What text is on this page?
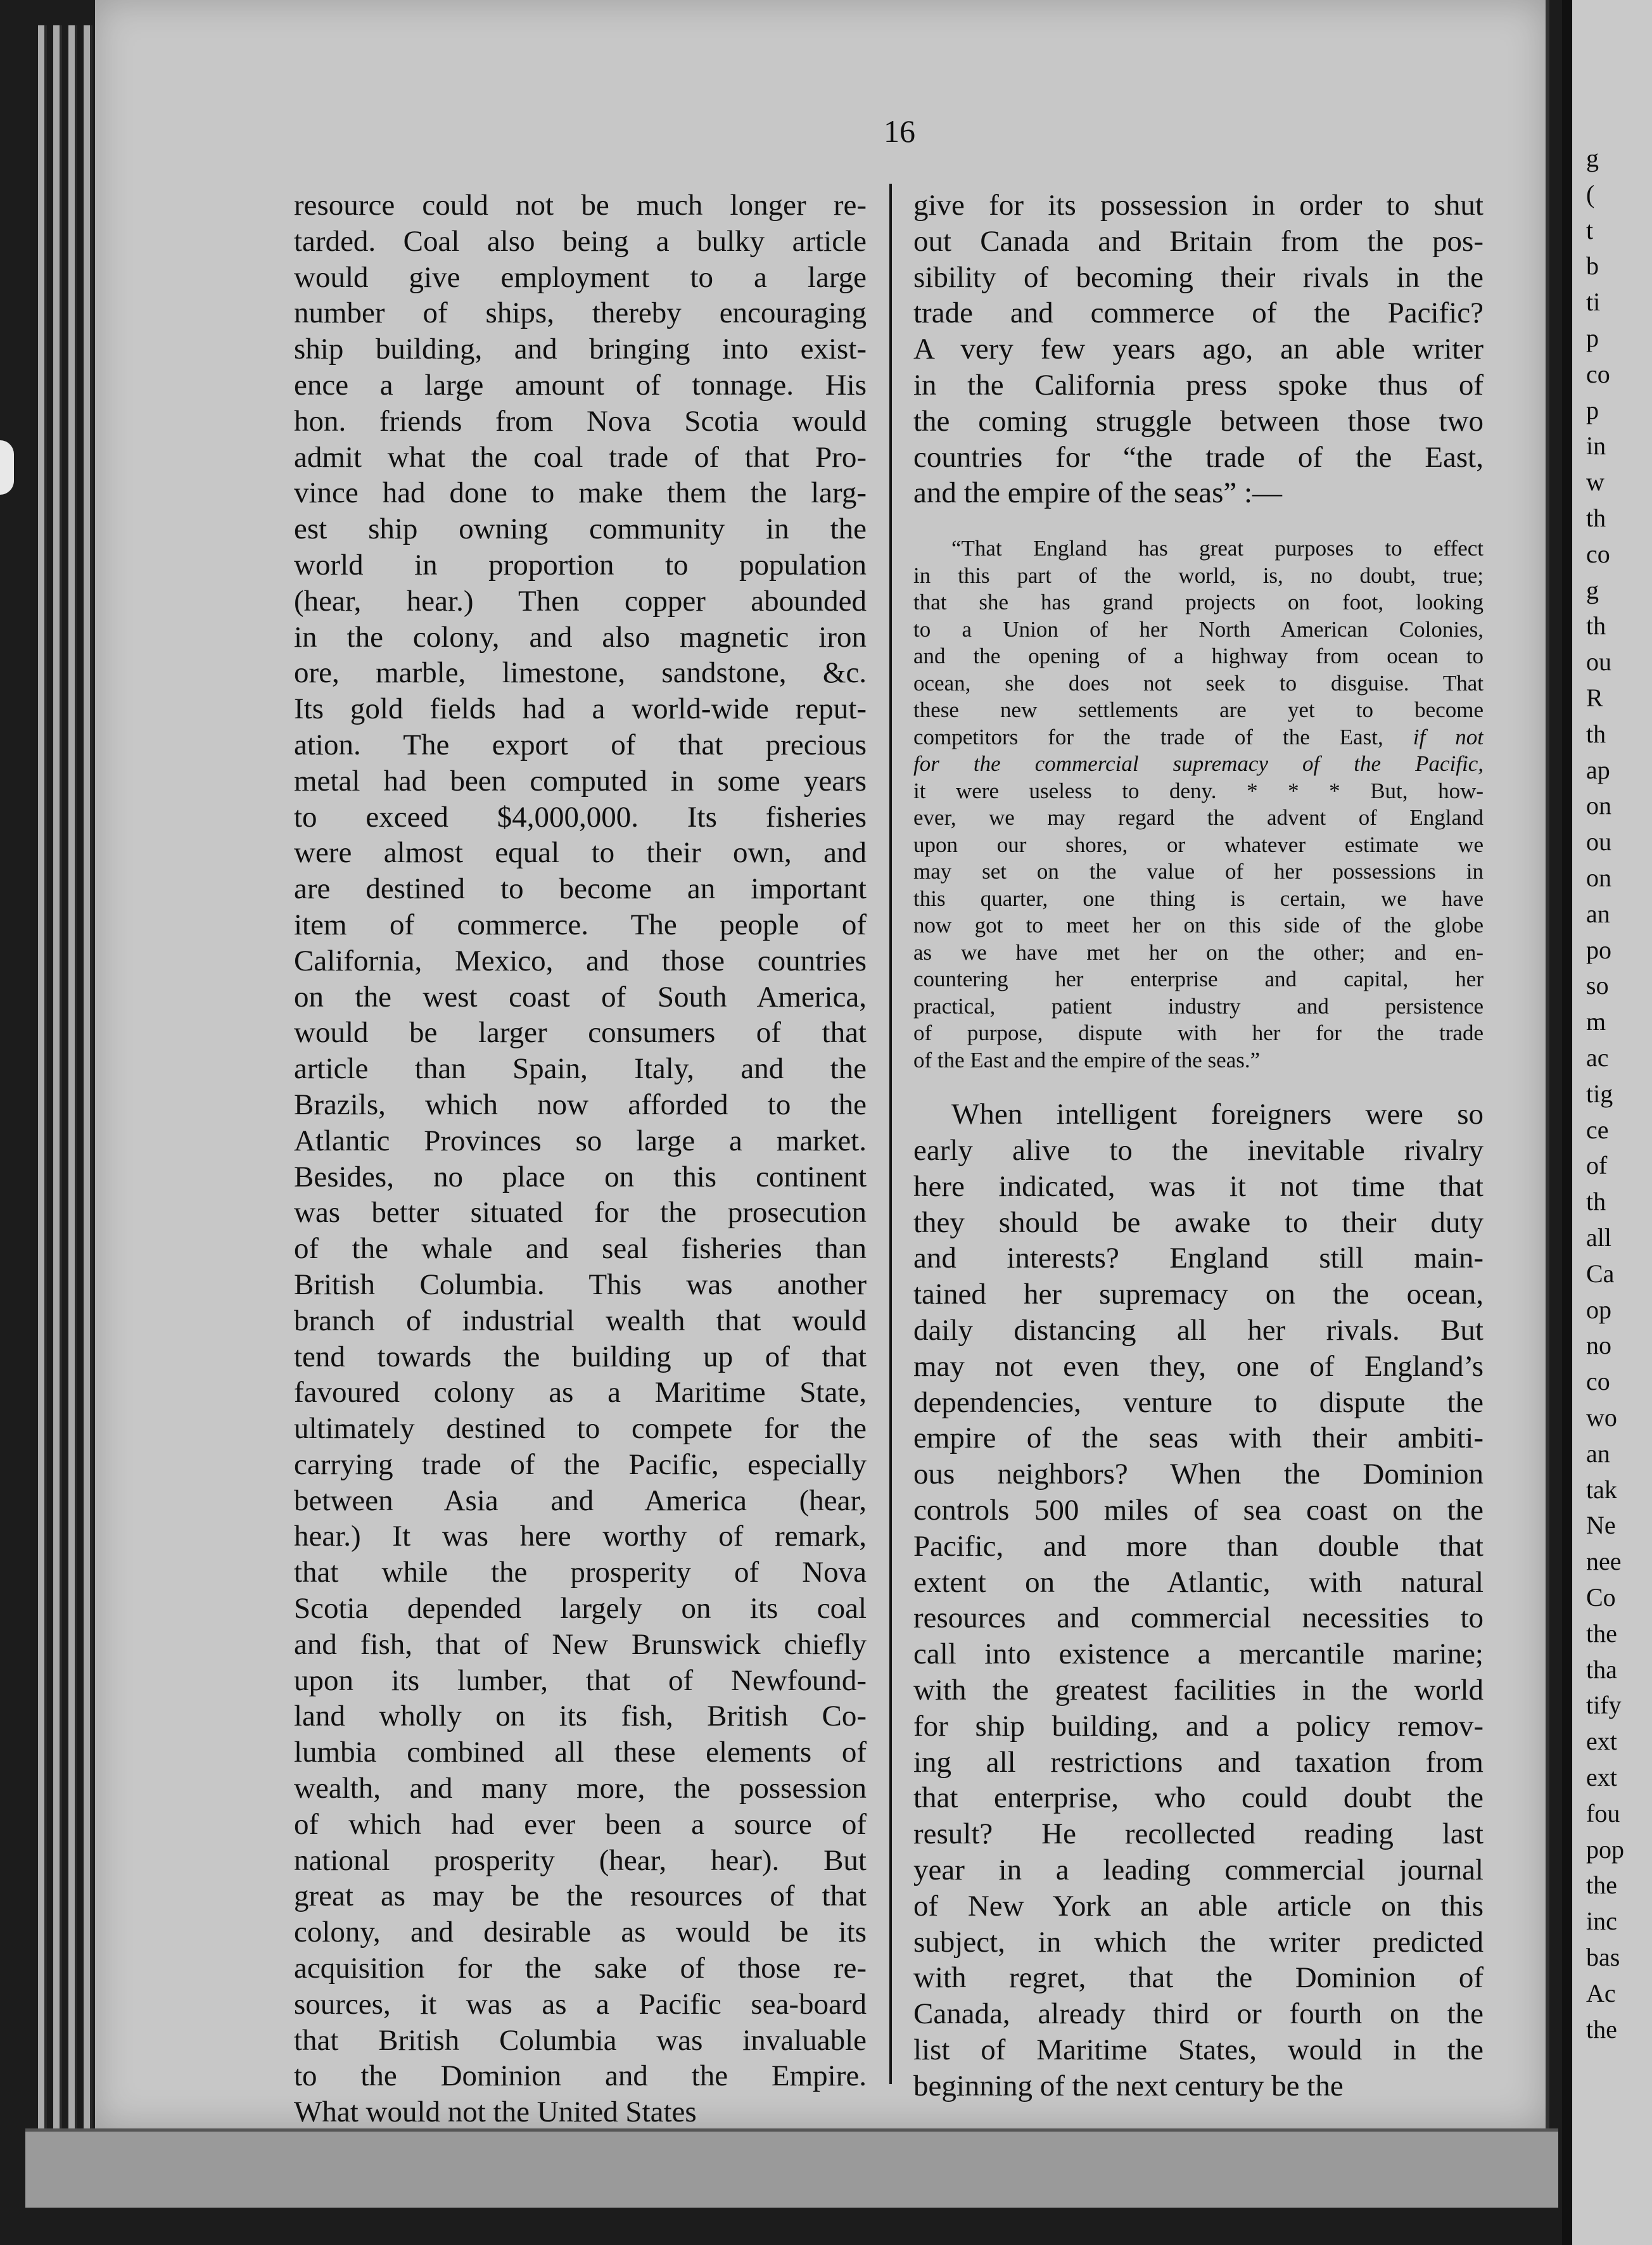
16
resource could not be much longer re-
tarded. Coal also being a bulky article
would give employment to a large
number of ships, thereby encouraging
ship building, and bringing into exist-
ence a large amount of tonnage. His
hon. friends from Nova Scotia would
admit what the coal trade of that Pro-
vince had done to make them the larg-
est ship owning community in the
world in proportion to population
(hear, hear.) Then copper abounded
in the colony, and also magnetic iron
ore, marble, limestone, sandstone, &c.
Its gold fields had a world-wide reput-
ation. The export of that precious
metal had been computed in some years
to exceed $4,000,000. Its fisheries
were almost equal to their own, and
are destined to become an important
item of commerce. The people of
California, Mexico, and those countries
on the west coast of South America,
would be larger consumers of that
article than Spain, Italy, and the
Brazils, which now afforded to the
Atlantic Provinces so large a market.
Besides, no place on this continent
was better situated for the prosecution
of the whale and seal fisheries than
British Columbia. This was another
branch of industrial wealth that would
tend towards the building up of that
favoured colony as a Maritime State,
ultimately destined to compete for the
carrying trade of the Pacific, especially
between Asia and America (hear,
hear.) It was here worthy of remark,
that while the prosperity of Nova
Scotia depended largely on its coal
and fish, that of New Brunswick chiefly
upon its lumber, that of Newfound-
land wholly on its fish, British Co-
lumbia combined all these elements of
wealth, and many more, the possession
of which had ever been a source of
national prosperity (hear, hear). But
great as may be the resources of that
colony, and desirable as would be its
acquisition for the sake of those re-
sources, it was as a Pacific sea-board
that British Columbia was invaluable
to the Dominion and the Empire.
What would not the United States
give for its possession in order to shut
out Canada and Britain from the pos-
sibility of becoming their rivals in the
trade and commerce of the Pacific?
A very few years ago, an able writer
in the California press spoke thus of
the coming struggle between those two
countries for “the trade of the East,
and the empire of the seas” :—
“That England has great purposes to effect
in this part of the world, is, no doubt, true;
that she has grand projects on foot, looking
to a Union of her North American Colonies,
and the opening of a highway from ocean to
ocean, she does not seek to disguise. That
these new settlements are yet to become
competitors for the trade of the East, if not
for the commercial supremacy of the Pacific,
it were useless to deny. * * * But, how-
ever, we may regard the advent of England
upon our shores, or whatever estimate we
may set on the value of her possessions in
this quarter, one thing is certain, we have
now got to meet her on this side of the globe
as we have met her on the other; and en-
countering her enterprise and capital, her
practical, patient industry and persistence
of purpose, dispute with her for the trade
of the East and the empire of the seas.”
When intelligent foreigners were so
early alive to the inevitable rivalry
here indicated, was it not time that
they should be awake to their duty
and interests? England still main-
tained her supremacy on the ocean,
daily distancing all her rivals. But
may not even they, one of England’s
dependencies, venture to dispute the
empire of the seas with their ambiti-
ous neighbors? When the Dominion
controls 500 miles of sea coast on the
Pacific, and more than double that
extent on the Atlantic, with natural
resources and commercial necessities to
call into existence a mercantile marine;
with the greatest facilities in the world
for ship building, and a policy remov-
ing all restrictions and taxation from
that enterprise, who could doubt the
result? He recollected reading last
year in a leading commercial journal
of New York an able article on this
subject, in which the writer predicted
with regret, that the Dominion of
Canada, already third or fourth on the
list of Maritime States, would in the
beginning of the next century be the
g
(
t
b
ti
p
co
p
in
w
th
co
g
th
ou
R
th
ap
on
ou
on
an
po
so
m
ac
tig
ce
of
th
all
Ca
op
no
co
wo
an
tak
Ne
nee
Co
the
tha
tify
ext
ext
fou
pop
the
inc
bas
Ac
the
